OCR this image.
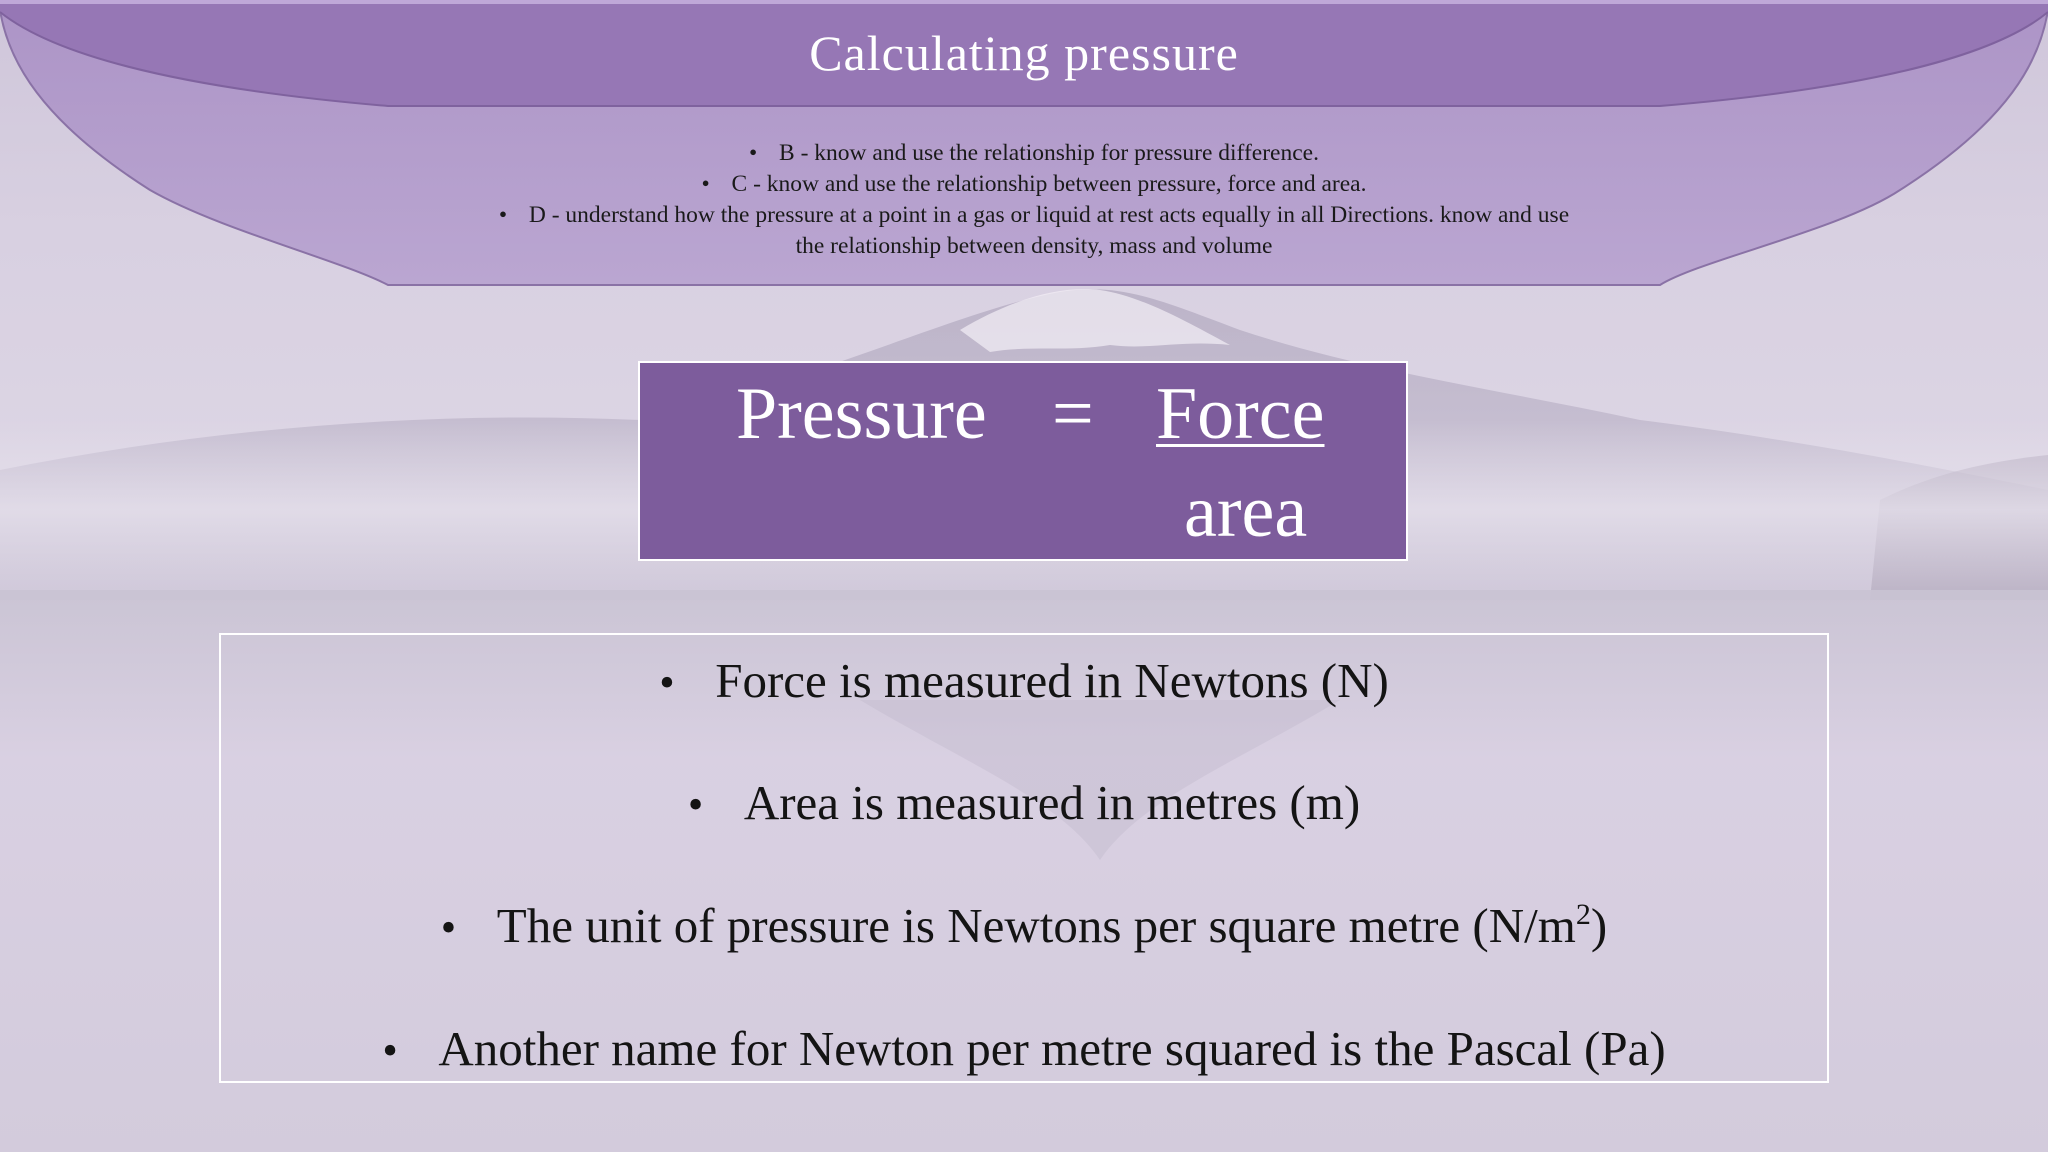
Calculating pressure
• B - know and use the relationship for pressure difference.
• C - know and use the relationship between pressure, force and area.
• D - understand how the pressure at a point in a gas or liquid at rest acts equally in all Directions. know and use
the relationship between density, mass and volume
Pressure = Force
area
• Force is measured in Newtons (N)
• Area is measured in metres (m)
• The unit of pressure is Newtons per square metre $(N/m^2)$
• Another name for Newton per metre squared is the Pascal (Pa)
